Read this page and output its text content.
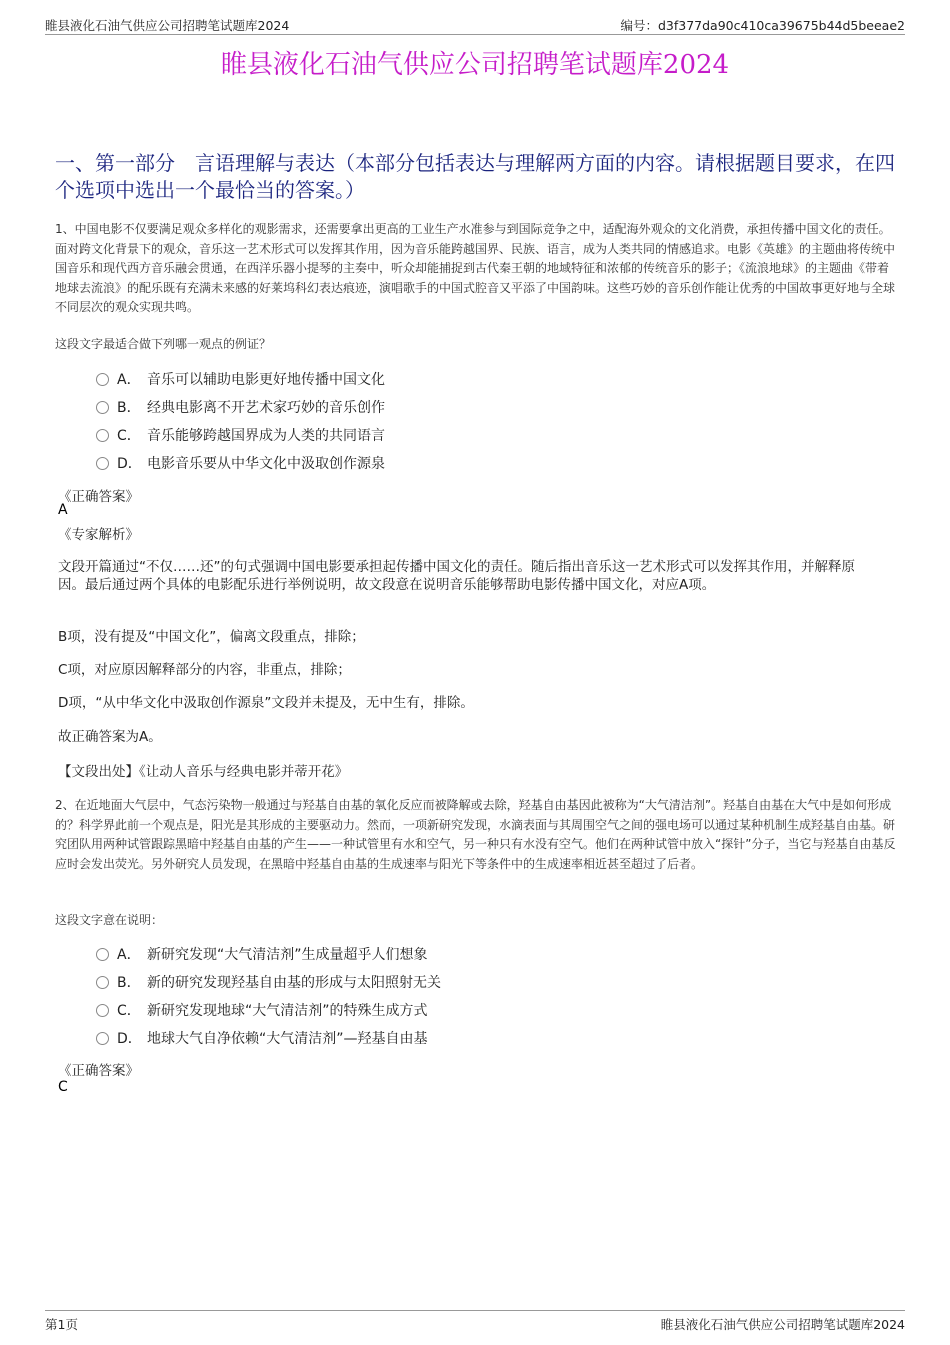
睢县液化石油气供应公司招聘笔试题库2024	编号：d3f377da90c410ca39675b44d5beeae2
睢县液化石油气供应公司招聘笔试题库2024
一、第一部分　言语理解与表达（本部分包括表达与理解两方面的内容。请根据题目要求，在四个选项中选出一个最恰当的答案。）
1、中国电影不仅要满足观众多样化的观影需求，还需要拿出更高的工业生产水准参与到国际竞争之中，适配海外观众的文化消费，承担传播中国文化的责任。面对跨文化背景下的观众，音乐这一艺术形式可以发挥其作用，因为音乐能跨越国界、民族、语言，成为人类共同的情感追求。电影《英雄》的主题曲将传统中国音乐和现代西方音乐融会贯通，在西洋乐器小提琴的主奏中，听众却能捕捉到古代秦王朝的地域特征和浓郁的传统音乐的影子；《流浪地球》的主题曲《带着地球去流浪》的配乐既有充满未来感的好莱坞科幻表达痕迹，演唱歌手的中国式腔音又平添了中国韵味。这些巧妙的音乐创作能让优秀的中国故事更好地与全球不同层次的观众实现共鸣。
这段文字最适合做下列哪一观点的例证？
A． 音乐可以辅助电影更好地传播中国文化
B． 经典电影离不开艺术家巧妙的音乐创作
C． 音乐能够跨越国界成为人类的共同语言
D． 电影音乐要从中华文化中汲取创作源泉
《正确答案》
A
《专家解析》
文段开篇通过“不仅……还”的句式强调中国电影要承担起传播中国文化的责任。随后指出音乐这一艺术形式可以发挥其作用，并解释原因。最后通过两个具体的电影配乐进行举例说明，故文段意在说明音乐能够帮助电影传播中国文化，对应A项。
B项，没有提及“中国文化”，偏离文段重点，排除；
C项，对应原因解释部分的内容，非重点，排除；
D项，“从中华文化中汲取创作源泉”文段并未提及，无中生有，排除。
故正确答案为A。
【文段出处】《让动人音乐与经典电影并蒂开花》
2、在近地面大气层中，气态污染物一般通过与羟基自由基的氧化反应而被降解或去除，羟基自由基因此被称为“大气清洁剂”。羟基自由基在大气中是如何形成的？科学界此前一个观点是，阳光是其形成的主要驱动力。然而，一项新研究发现，水滴表面与其周围空气之间的强电场可以通过某种机制生成羟基自由基。研究团队用两种试管跟踪黑暗中羟基自由基的产生——一种试管里有水和空气，另一种只有水没有空气。他们在两种试管中放入“探针”分子，当它与羟基自由基反应时会发出荧光。另外研究人员发现，在黑暗中羟基自由基的生成速率与阳光下等条件中的生成速率相近甚至超过了后者。
这段文字意在说明：
A． 新研究发现“大气清洁剂”生成量超乎人们想象
B． 新的研究发现羟基自由基的形成与太阳照射无关
C． 新研究发现地球“大气清洁剂”的特殊生成方式
D． 地球大气自净依赖“大气清洁剂”—羟基自由基
《正确答案》
C
第1页	睢县液化石油气供应公司招聘笔试题库2024
